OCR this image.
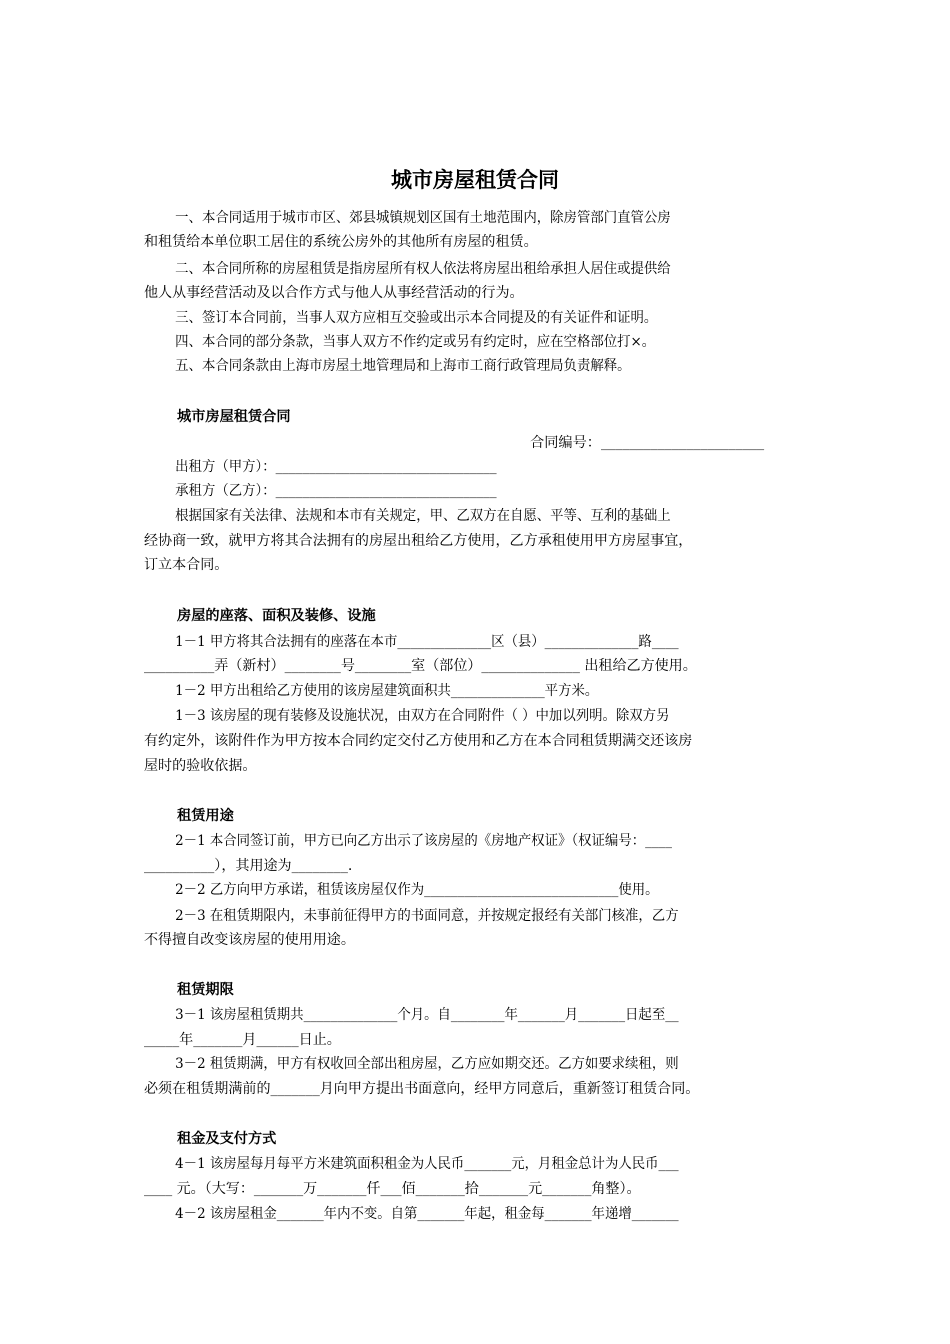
城市房屋租赁合同
一、本合同适用于城市市区、郊县城镇规划区国有土地范围内，除房管部门直管公房
和租赁给本单位职工居住的系统公房外的其他所有房屋的租赁。
二、本合同所称的房屋租赁是指房屋所有权人依法将房屋出租给承担人居住或提供给
他人从事经营活动及以合作方式与他人从事经营活动的行为。
三、签订本合同前，当事人双方应相互交验或出示本合同提及的有关证件和证明。
四、本合同的部分条款，当事人双方不作约定或另有约定时，应在空格部位打×。
五、本合同条款由上海市房屋土地管理局和上海市工商行政管理局负责解释。
城市房屋租赁合同
合同编号：_______________________
出租方（甲方）：_________________________________
承租方（乙方）：_________________________________
根据国家有关法律、法规和本市有关规定，甲、乙双方在自愿、平等、互利的基础上
经协商一致，就甲方将其合法拥有的房屋出租给乙方使用，乙方承租使用甲方房屋事宜，
订立本合同。
房屋的座落、面积及装修、设施
1－1 甲方将其合法拥有的座落在本市______________区（县）______________路____
__________弄（新村）________号________室（部位）______________ 出租给乙方使用。
1－2 甲方出租给乙方使用的该房屋建筑面积共______________平方米。
1－3 该房屋的现有装修及设施状况，由双方在合同附件（ ）中加以列明。除双方另
有约定外，该附件作为甲方按本合同约定交付乙方使用和乙方在本合同租赁期满交还该房
屋时的验收依据。
租赁用途
2－1 本合同签订前，甲方已向乙方出示了该房屋的《房地产权证》（权证编号：____
__________），其用途为________.
2－2 乙方向甲方承诺，租赁该房屋仅作为_____________________________使用。
2－3 在租赁期限内，未事前征得甲方的书面同意，并按规定报经有关部门核准，乙方
不得擅自改变该房屋的使用用途。
租赁期限
3－1 该房屋租赁期共______________个月。自________年_______月_______日起至__
_____年_______月______日止。
3－2 租赁期满，甲方有权收回全部出租房屋，乙方应如期交还。乙方如要求续租，则
必须在租赁期满前的_______月向甲方提出书面意向，经甲方同意后，重新签订租赁合同。
租金及支付方式
4－1 该房屋每月每平方米建筑面积租金为人民币_______元，月租金总计为人民币___
____ 元。（大写：_______万_______仟___佰_______拾_______元_______角整）。
4－2 该房屋租金_______年内不变。自第_______年起，租金每_______年递增_______
